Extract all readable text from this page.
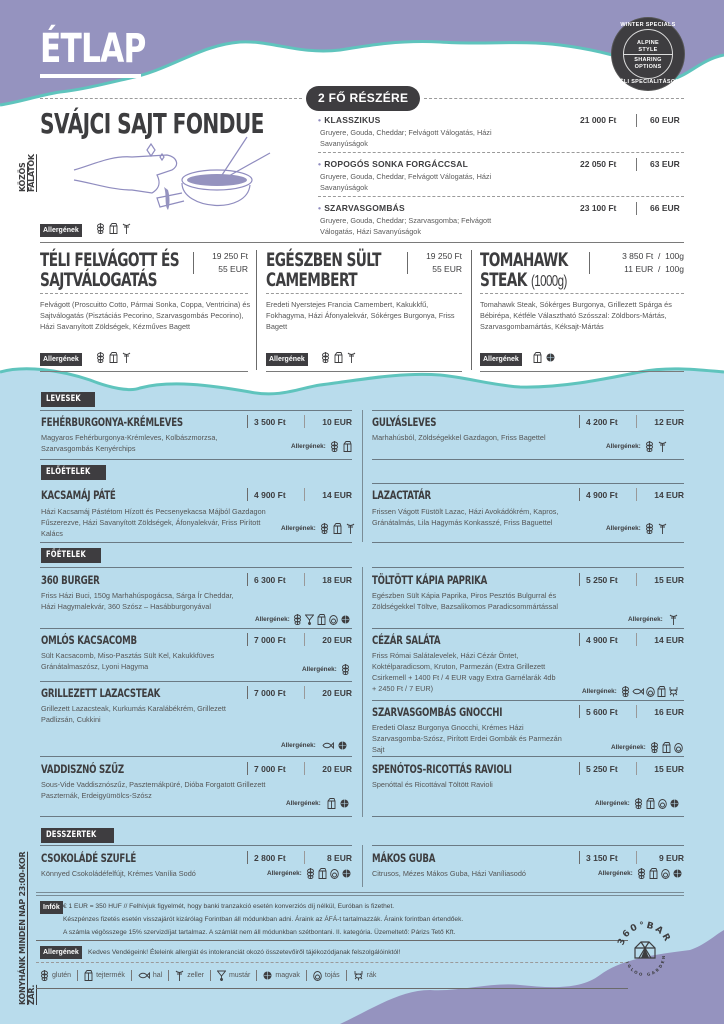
ÉTLAP
WINTER SPECIALS
ALPINE
STYLE
SHARING
OPTIONS
TÉLI SPECIALITÁSOK
KÖZÖS FALATOK
KONYHÁNK MINDEN NAP 23:00-KOR ZÁR.
2 FŐ RÉSZÉRE
SVÁJCI SAJT FONDUE
Allergének
• KLASSZIKUS
Gruyere, Gouda, Cheddar; Felvágott Válogatás, Házi Savanyúságok
21 000 Ft	60 EUR
• ROPOGÓS SONKA FORGÁCCSAL
Gruyere, Gouda, Cheddar, Felvágott Válogatás, Házi Savanyúságok
22 050 Ft	63 EUR
• SZARVASGOMBÁS
Gruyere, Gouda, Cheddar; Szarvasgomba; Felvágott Válogatás, Házi Savanyúságok
23 100 Ft	66 EUR
TÉLI FELVÁGOTT ÉS
SAJTVÁLOGATÁS
19 250 Ft
55 EUR
Felvágott (Proscuitto Cotto, Pármai Sonka, Coppa, Ventricina) és Sajtválogatás (Pisztáciás Pecorino, Szarvasgombás Pecorino), Házi Savanyított Zöldségek, Kézműves Bagett
Allergének
EGÉSZBEN SÜLT
CAMEMBERT
19 250 Ft
55 EUR
Eredeti Nyerstejes Francia Camembert, Kakukkfű, Fokhagyma, Házi Áfonyalekvár, Sókérges Burgonya, Friss Bagett
Allergének
TOMAHAWK
STEAK (1000g)
3 850 Ft  /  100g
11 EUR  /  100g
Tomahawk Steak, Sókérges Burgonya, Grillezett Spárga és Bébirépa, Kétféle Választható Szósszal: Zöldbors-Mártás, Szarvasgombamártás, Kéksajt-Mártás
Allergének
LEVESEK
FEHÉRBURGONYA-KRÉMLEVES	3 500 Ft	10 EUR
Magyaros Fehérburgonya-Krémleves, Kolbászmorzsa, Szarvasgombás Kenyérchips	Allergének:
GULYÁSLEVES	4 200 Ft	12 EUR
Marhahúsból, Zöldségekkel Gazdagon, Friss Bagettel
Allergének:
ELŐÉTELEK
KACSAMÁJ PÁTÉ	4 900 Ft	14 EUR
Házi Kacsamáj Pástétom Hízott és Pecsenyekacsa Májból Gazdagon Fűszerezve, Házi Savanyított Zöldségek, Áfonyalekvár, Friss Pirított Kalács
Allergének:
LAZACTATÁR	4 900 Ft	14 EUR
Frissen Vágott Füstölt Lazac, Házi Avokádókrém, Kapros, Gránátalmás, Lila Hagymás Konkasszé, Friss Baguettel
Allergének:
FŐÉTELEK
360 BURGER	6 300 Ft	18 EUR
Friss Házi Buci, 150g Marhahúspogácsa, Sárga Ír Cheddar, Házi Hagymalekvár, 360 Szósz – Hasábburgonyával
Allergének:
OMLÓS KACSACOMB	7 000 Ft	20 EUR
Sült Kacsacomb, Miso-Pasztás Sült Kel, Kakukkfüves Gránátalmaszósz, Lyoni Hagyma	Allergének:
GRILLEZETT LAZACSTEAK	7 000 Ft	20 EUR
Grillezett Lazacsteak, Kurkumás Karalábékrém, Grillezett Padlizsán, Cukkini
Allergének:
VADDISZNÓ SZŰZ	7 000 Ft	20 EUR
Sous-Vide Vaddisznószűz, Paszternákpüré, Dióba Forgatott Grillezett Paszternák, Erdeigyümölcs-Szósz
Allergének:
TÖLTÖTT KÁPIA PAPRIKA	5 250 Ft	15 EUR
Egészben Sült Kápia Paprika, Piros Pesztós Bulgurral és Zöldségekkel Töltve, Bazsalikomos Paradicsommártással
Allergének:
CÉZÁR SALÁTA	4 900 Ft	14 EUR
Friss Római Salátalevelek, Házi Cézár Öntet, Koktélparadicsom, Kruton, Parmezán (Extra Grillezett Csirkemell + 1400 Ft / 4 EUR vagy Extra Garnélarák 4db + 2450 Ft / 7 EUR)	Allergének:
SZARVASGOMBÁS GNOCCHI	5 600 Ft	16 EUR
Eredeti Olasz Burgonya Gnocchi, Krémes Házi Szarvasgomba-Szósz, Pirított Erdei Gombák és Parmezán Sajt	Allergének:
SPENÓTOS-RICOTTÁS RAVIOLI	5 250 Ft	15 EUR
Spenóttal és Ricottával Töltött Ravioli
Allergének:
DESSZERTEK
CSOKOLÁDÉ SZUFLÉ	2 800 Ft	8 EUR
Könnyed Csokoládéfelfújt, Krémes Vanília Sodó	Allergének:
MÁKOS GUBA	3 150 Ft	9 EUR
Citrusos, Mézes Mákos Guba, Házi Vaníliasodó	Allergének:
Infók € 1 EUR = 350 HUF // Felhívjuk figyelmét, hogy banki tranzakció esetén konverziós díj nélkül, Euróban is fizethet.
Készpénzes fizetés esetén visszajárót kizárólag Forintban áll módunkban adni. Áraink az ÁFÁ-t tartalmazzák. Áraink forintban értendőek.
A számla végösszege 15% szervizdíjat tartalmaz. A számlát nem áll módunkban szétbontani. II. kategória. Üzemeltető: Párizs Tető Kft.
Allergének	Kedves Vendégeink! Ételeink allergiát és intoleranciát okozó összetevőiről tájékozódjanak felszolgálóinktól!
glutén	tejtermék	hal	zeller	mustár	magvak	tojás	rák
360°BAR
IGLOO GARDEN
